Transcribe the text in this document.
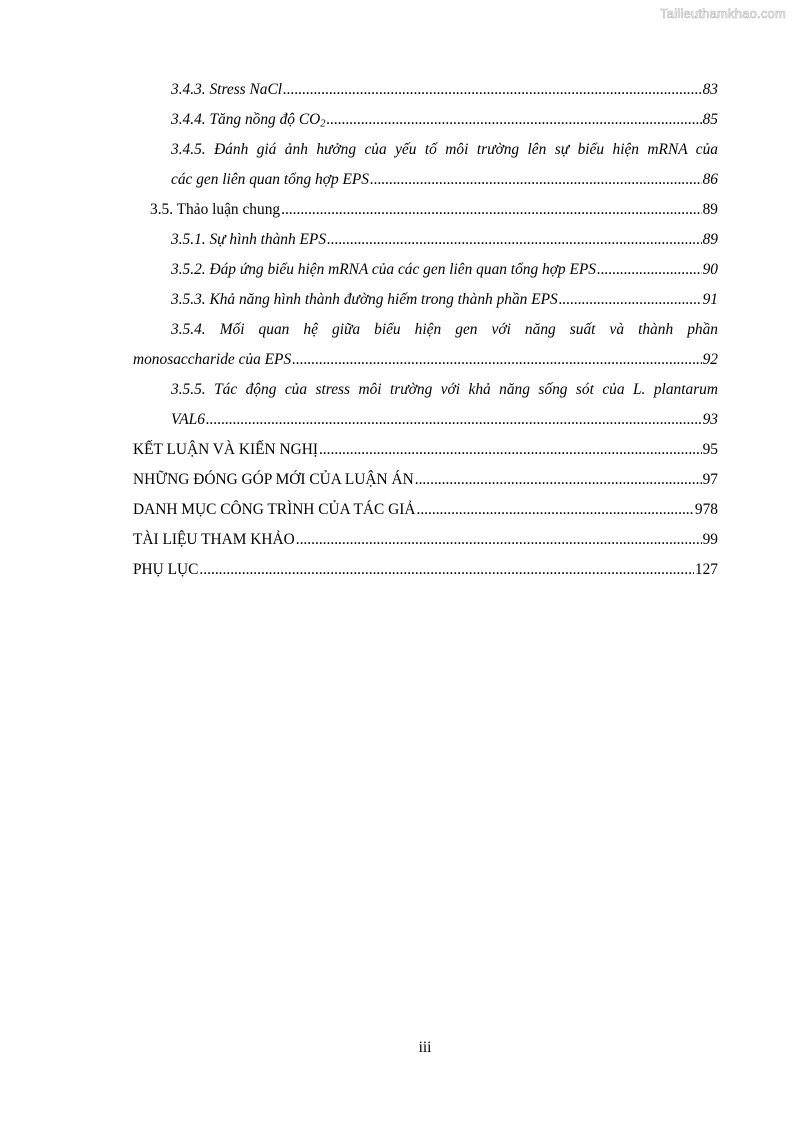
Tailieuthamkhao.com
3.4.3. Stress NaCl .....	83
3.4.4. Tăng nồng độ $CO_2$ .....	85
3.4.5. Đánh giá ảnh hưởng của yếu tố môi trường lên sự biểu hiện mRNA của
các gen liên quan tổng hợp EPS .....	86
3.5. Thảo luận chung .....	89
3.5.1. Sự hình thành EPS .....	89
3.5.2. Đáp ứng biểu hiện mRNA của các gen liên quan tổng hợp EPS .....	90
3.5.3. Khả năng hình thành đường hiếm trong thành phần EPS .....	91
3.5.4. Mối quan hệ giữa biểu hiện gen với năng suất và thành phần
monosaccharide của EPS .....	92
3.5.5. Tác động của stress môi trường với khả năng sống sót của L. plantarum
VAL6 .....	93
KẾT LUẬN VÀ KIẾN NGHỊ .....	95
NHỮNG ĐÓNG GÓP MỚI CỦA LUẬN ÁN .....	97
DANH MỤC CÔNG TRÌNH CỦA TÁC GIẢ .....	978
TÀI LIỆU THAM KHẢO .....	99
PHỤ LỤC .....	127
iii
